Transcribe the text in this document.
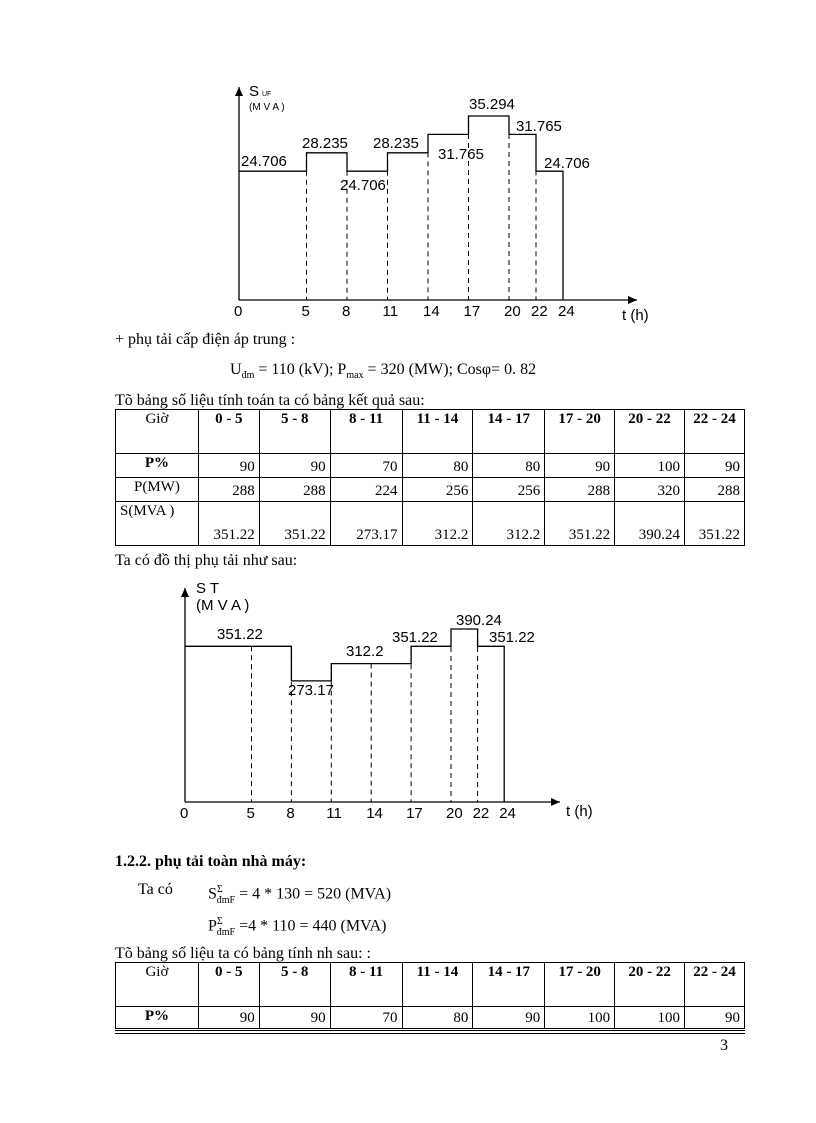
0	5 8 11 14 17 20 22 24
24.706
28.235
24.706
28.235
31.765
35.294
31.765
24.706
S UF
(M V A )
t (h)
+ phụ tải cấp điện áp trung :
$U_{đm} = 110$ (kV); $P_{max} = 320$ (MW); Cosφ= 0. 82
Tõ bảng số liệu tính toán ta có bảng kết quả sau:
Giờ	0 - 5	5 - 8	8 - 11	11 - 14	14 - 17	17 - 20	20 - 22	22 - 24
P%	90	90	70	80	80	90	100	90
P(MW)	288	288	224	256	256	288	320	288
S(MVA )	351.22	351.22	273.17	312.2	312.2	351.22	390.24	351.22
Ta có đồ thị phụ tải như sau:
0	5 8 11 14 17 20 22 24
351.22
273.17
312.2
351.22
390.24
351.22
S T
(M V A )
t (h)
1.2.2. phụ tải toàn nhà máy:
Ta có $S^\Sigma_{đmF} = 4 * 130 = 520$ (MVA)
$P^\Sigma_{đmF} =4 * 110 = 440$ (MVA)
Tõ bảng số liệu ta có bảng tính nh sau: :
Giờ	0 - 5	5 - 8	8 - 11	11 - 14	14 - 17	17 - 20	20 - 22	22 - 24
P%	90	90	70	80	90	100	100	90
3
